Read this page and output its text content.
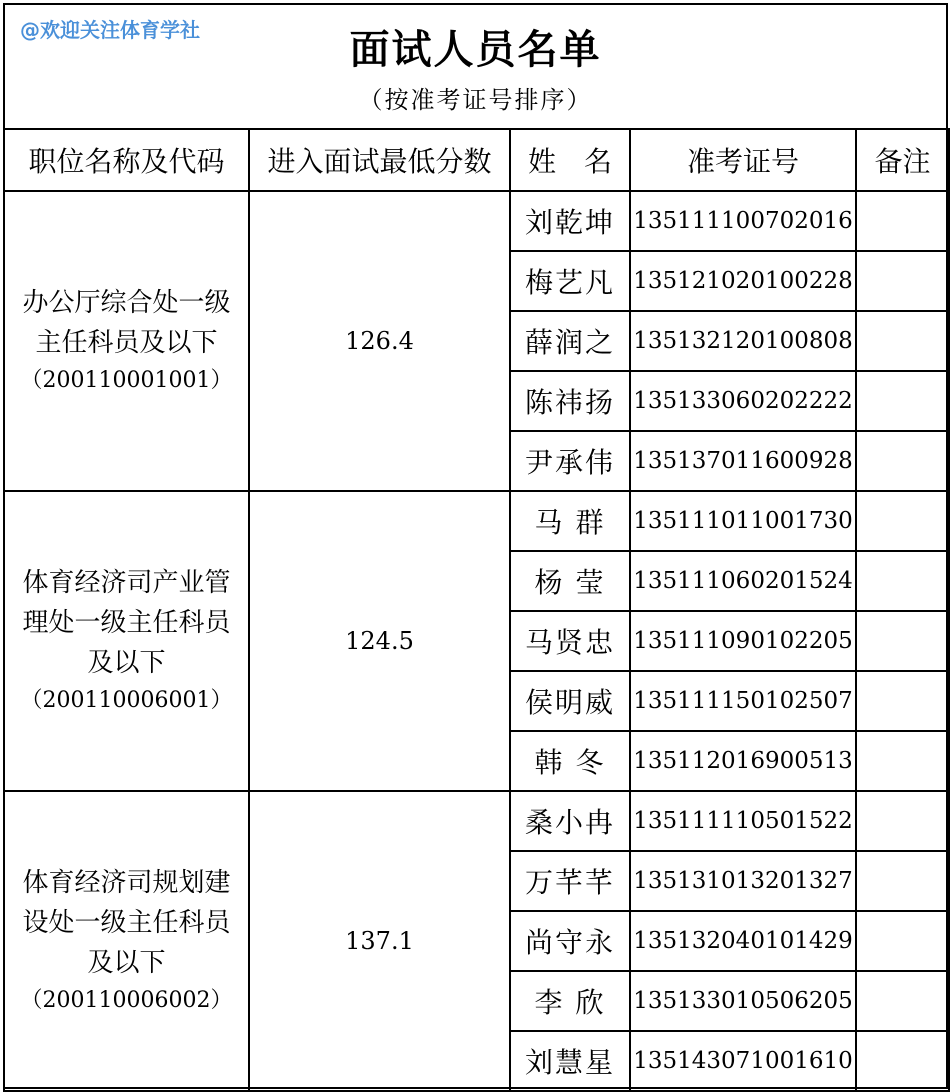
@欢迎关注体育学社	面试人员名单
（按准考证号排序）
职位名称及代码	进入面试最低分数	姓　名	准考证号	备注
办公厅综合处一级主任科员及以下
（200110001001）	126.4	刘乾坤	135111100702016	
		梅艺凡	135121020100228	
		薛润之	135132120100808	
		陈祎扬	135133060202222	
		尹承伟	135137011600928	
体育经济司产业管理处一级主任科员及以下
（200110006001）	124.5	马 群	135111011001730	
		杨 莹	135111060201524	
		马贤忠	135111090102205	
		侯明威	135111150102507	
		韩 冬	135112016900513	
体育经济司规划建设处一级主任科员及以下
（200110006002）	137.1	桑小冉	135111110501522	
		万芊芊	135131013201327	
		尚守永	135132040101429	
		李 欣	135133010506205	
		刘慧星	135143071001610	
